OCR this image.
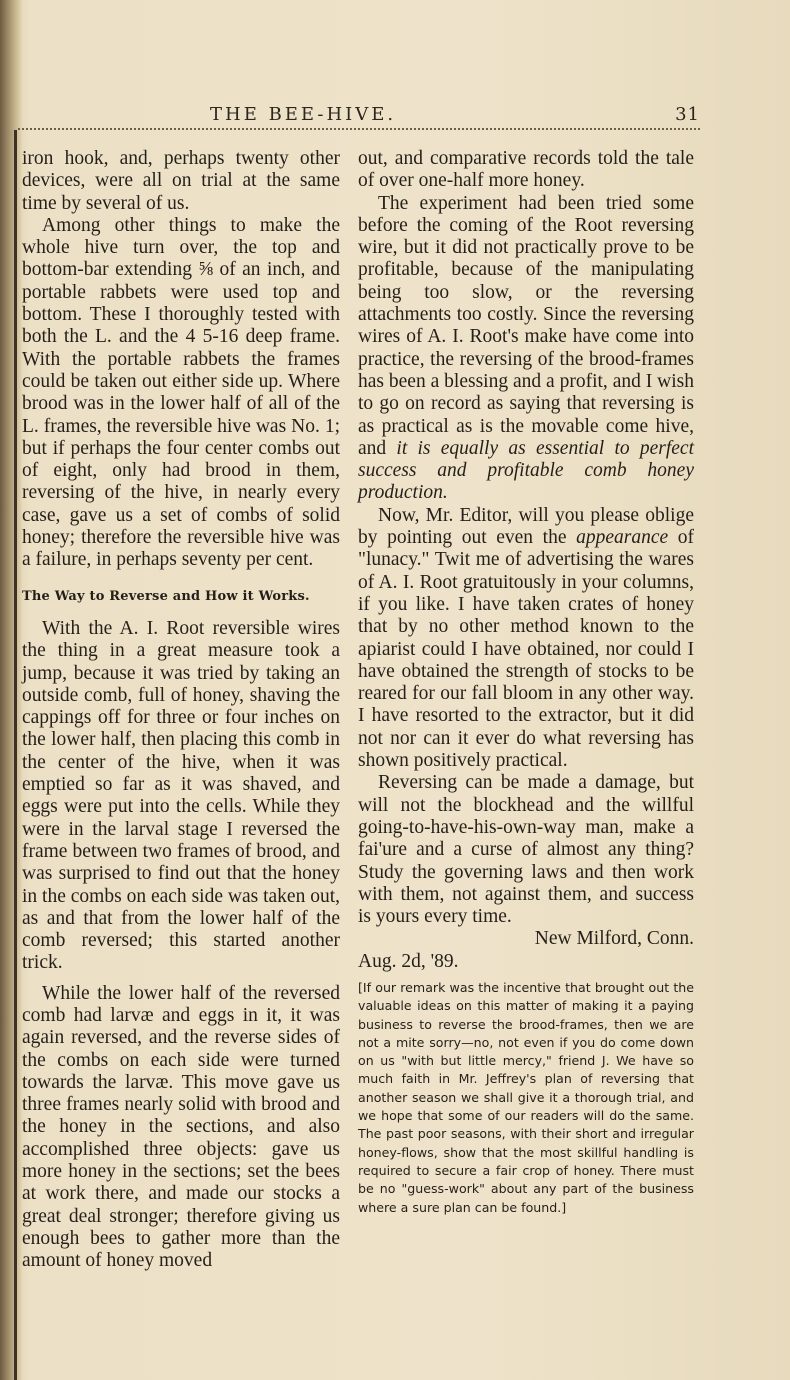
THE BEE-HIVE.	31

iron hook, and, perhaps twenty other devices, were all on trial at the same time by several of us.

Among other things to make the whole hive turn over, the top and bottom-bar extending ⅝ of an inch, and portable rabbets were used top and bottom. These I thoroughly tested with both the L. and the 4 5-16 deep frame. With the portable rabbets the frames could be taken out either side up. Where brood was in the lower half of all of the L. frames, the reversible hive was No. 1; but if perhaps the four center combs out of eight, only had brood in them, reversing of the hive, in nearly every case, gave us a set of combs of solid honey; therefore the reversible hive was a failure, in perhaps seventy per cent.

The Way to Reverse and How it Works.

With the A. I. Root reversible wires the thing in a great measure took a jump, because it was tried by taking an outside comb, full of honey, shaving the cappings off for three or four inches on the lower half, then placing this comb in the center of the hive, when it was emptied so far as it was shaved, and eggs were put into the cells. While they were in the larval stage I reversed the frame between two frames of brood, and was surprised to find out that the honey in the combs on each side was taken out, as and that from the lower half of the comb reversed; this started another trick.

While the lower half of the reversed comb had larvæ and eggs in it, it was again reversed, and the reverse sides of the combs on each side were turned towards the larvæ. This move gave us three frames nearly solid with brood and the honey in the sections, and also accomplished three objects: gave us more honey in the sections; set the bees at work there, and made our stocks a great deal stronger; therefore giving us enough bees to gather more than the amount of honey moved

out, and comparative records told the tale of over one-half more honey.

The experiment had been tried some before the coming of the Root reversing wire, but it did not practically prove to be profitable, because of the manipulating being too slow, or the reversing attachments too costly. Since the reversing wires of A. I. Root's make have come into practice, the reversing of the brood-frames has been a blessing and a profit, and I wish to go on record as saying that reversing is as practical as is the movable come hive, and it is equally as essential to perfect success and profitable comb honey production.

Now, Mr. Editor, will you please oblige by pointing out even the appearance of "lunacy." Twit me of advertising the wares of A. I. Root gratuitously in your columns, if you like. I have taken crates of honey that by no other method known to the apiarist could I have obtained, nor could I have obtained the strength of stocks to be reared for our fall bloom in any other way. I have resorted to the extractor, but it did not nor can it ever do what reversing has shown positively practical.

Reversing can be made a damage, but will not the blockhead and the willful going-to-have-his-own-way man, make a fai'ure and a curse of almost any thing? Study the governing laws and then work with them, not against them, and success is yours every time.

New Milford, Conn.

Aug. 2d, '89.

[If our remark was the incentive that brought out the valuable ideas on this matter of making it a paying business to reverse the brood-frames, then we are not a mite sorry—no, not even if you do come down on us "with but little mercy," friend J. We have so much faith in Mr. Jeffrey's plan of reversing that another season we shall give it a thorough trial, and we hope that some of our readers will do the same. The past poor seasons, with their short and irregular honey-flows, show that the most skillful handling is required to secure a fair crop of honey. There must be no "guess-work" about any part of the business where a sure plan can be found.]
